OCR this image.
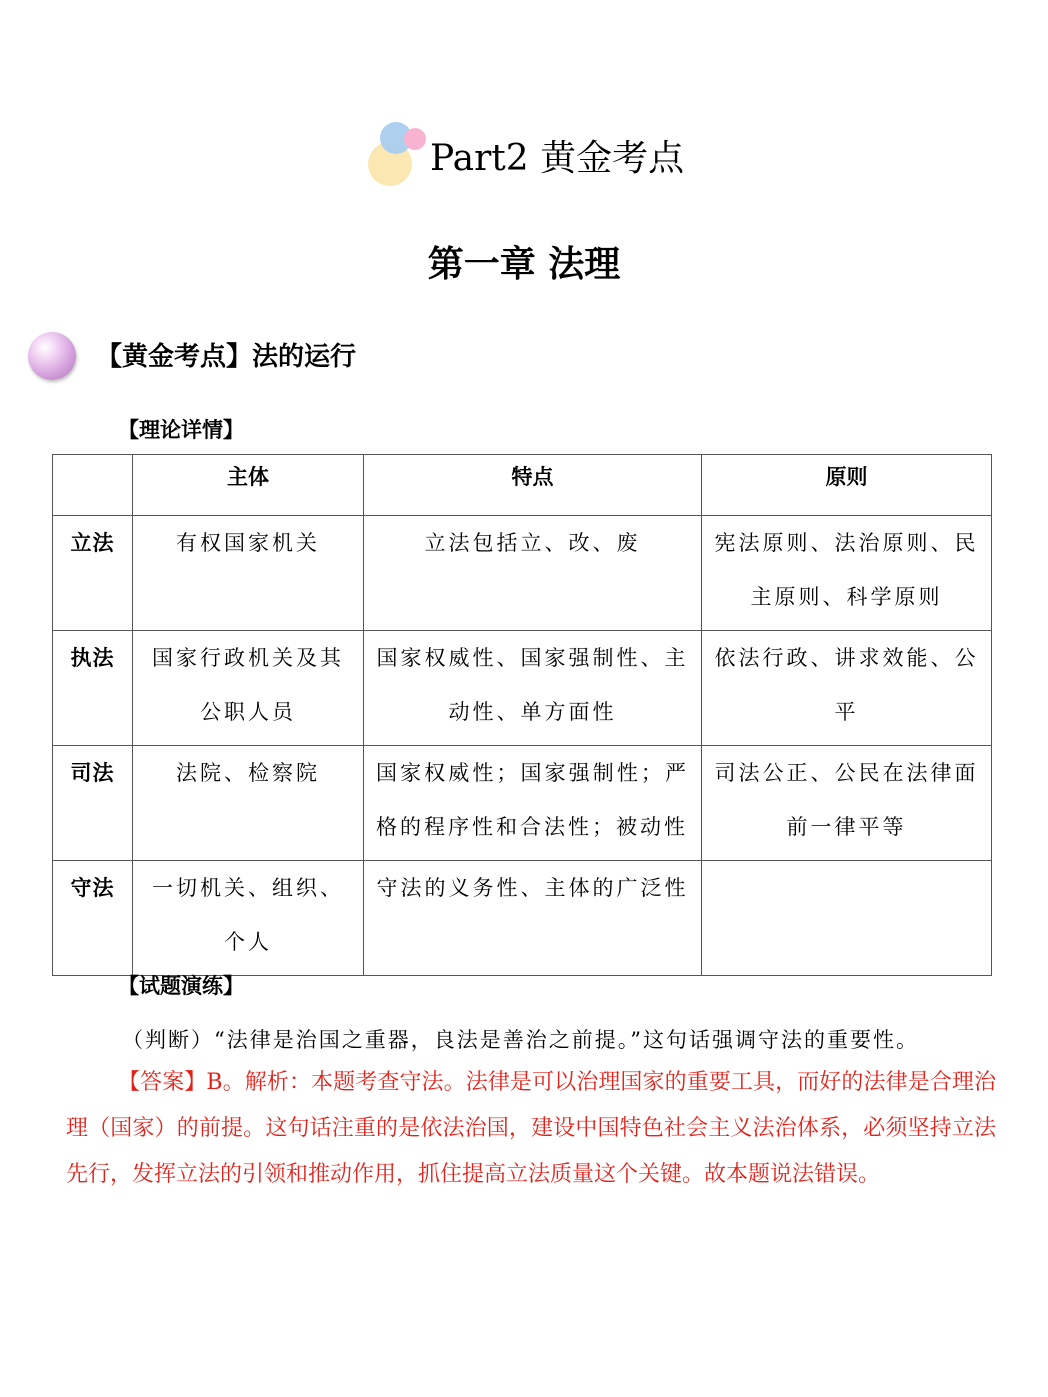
Part2 黄金考点
第一章 法理
【黄金考点】法的运行
【理论详情】
	主体	特点	原则
立法	有权国家机关	立法包括立、改、废	宪法原则、法治原则、民主原则、科学原则
执法	国家行政机关及其公职人员	国家权威性、国家强制性、主动性、单方面性	依法行政、讲求效能、公平
司法	法院、检察院	国家权威性；国家强制性；严格的程序性和合法性；被动性	司法公正、公民在法律面前一律平等
守法	一切机关、组织、个人	守法的义务性、主体的广泛性	
【试题演练】
（判断）“法律是治国之重器，良法是善治之前提。”这句话强调守法的重要性。
【答案】B。解析：本题考查守法。法律是可以治理国家的重要工具，而好的法律是合理治理（国家）的前提。这句话注重的是依法治国，建设中国特色社会主义法治体系，必须坚持立法先行，发挥立法的引领和推动作用，抓住提高立法质量这个关键。故本题说法错误。
